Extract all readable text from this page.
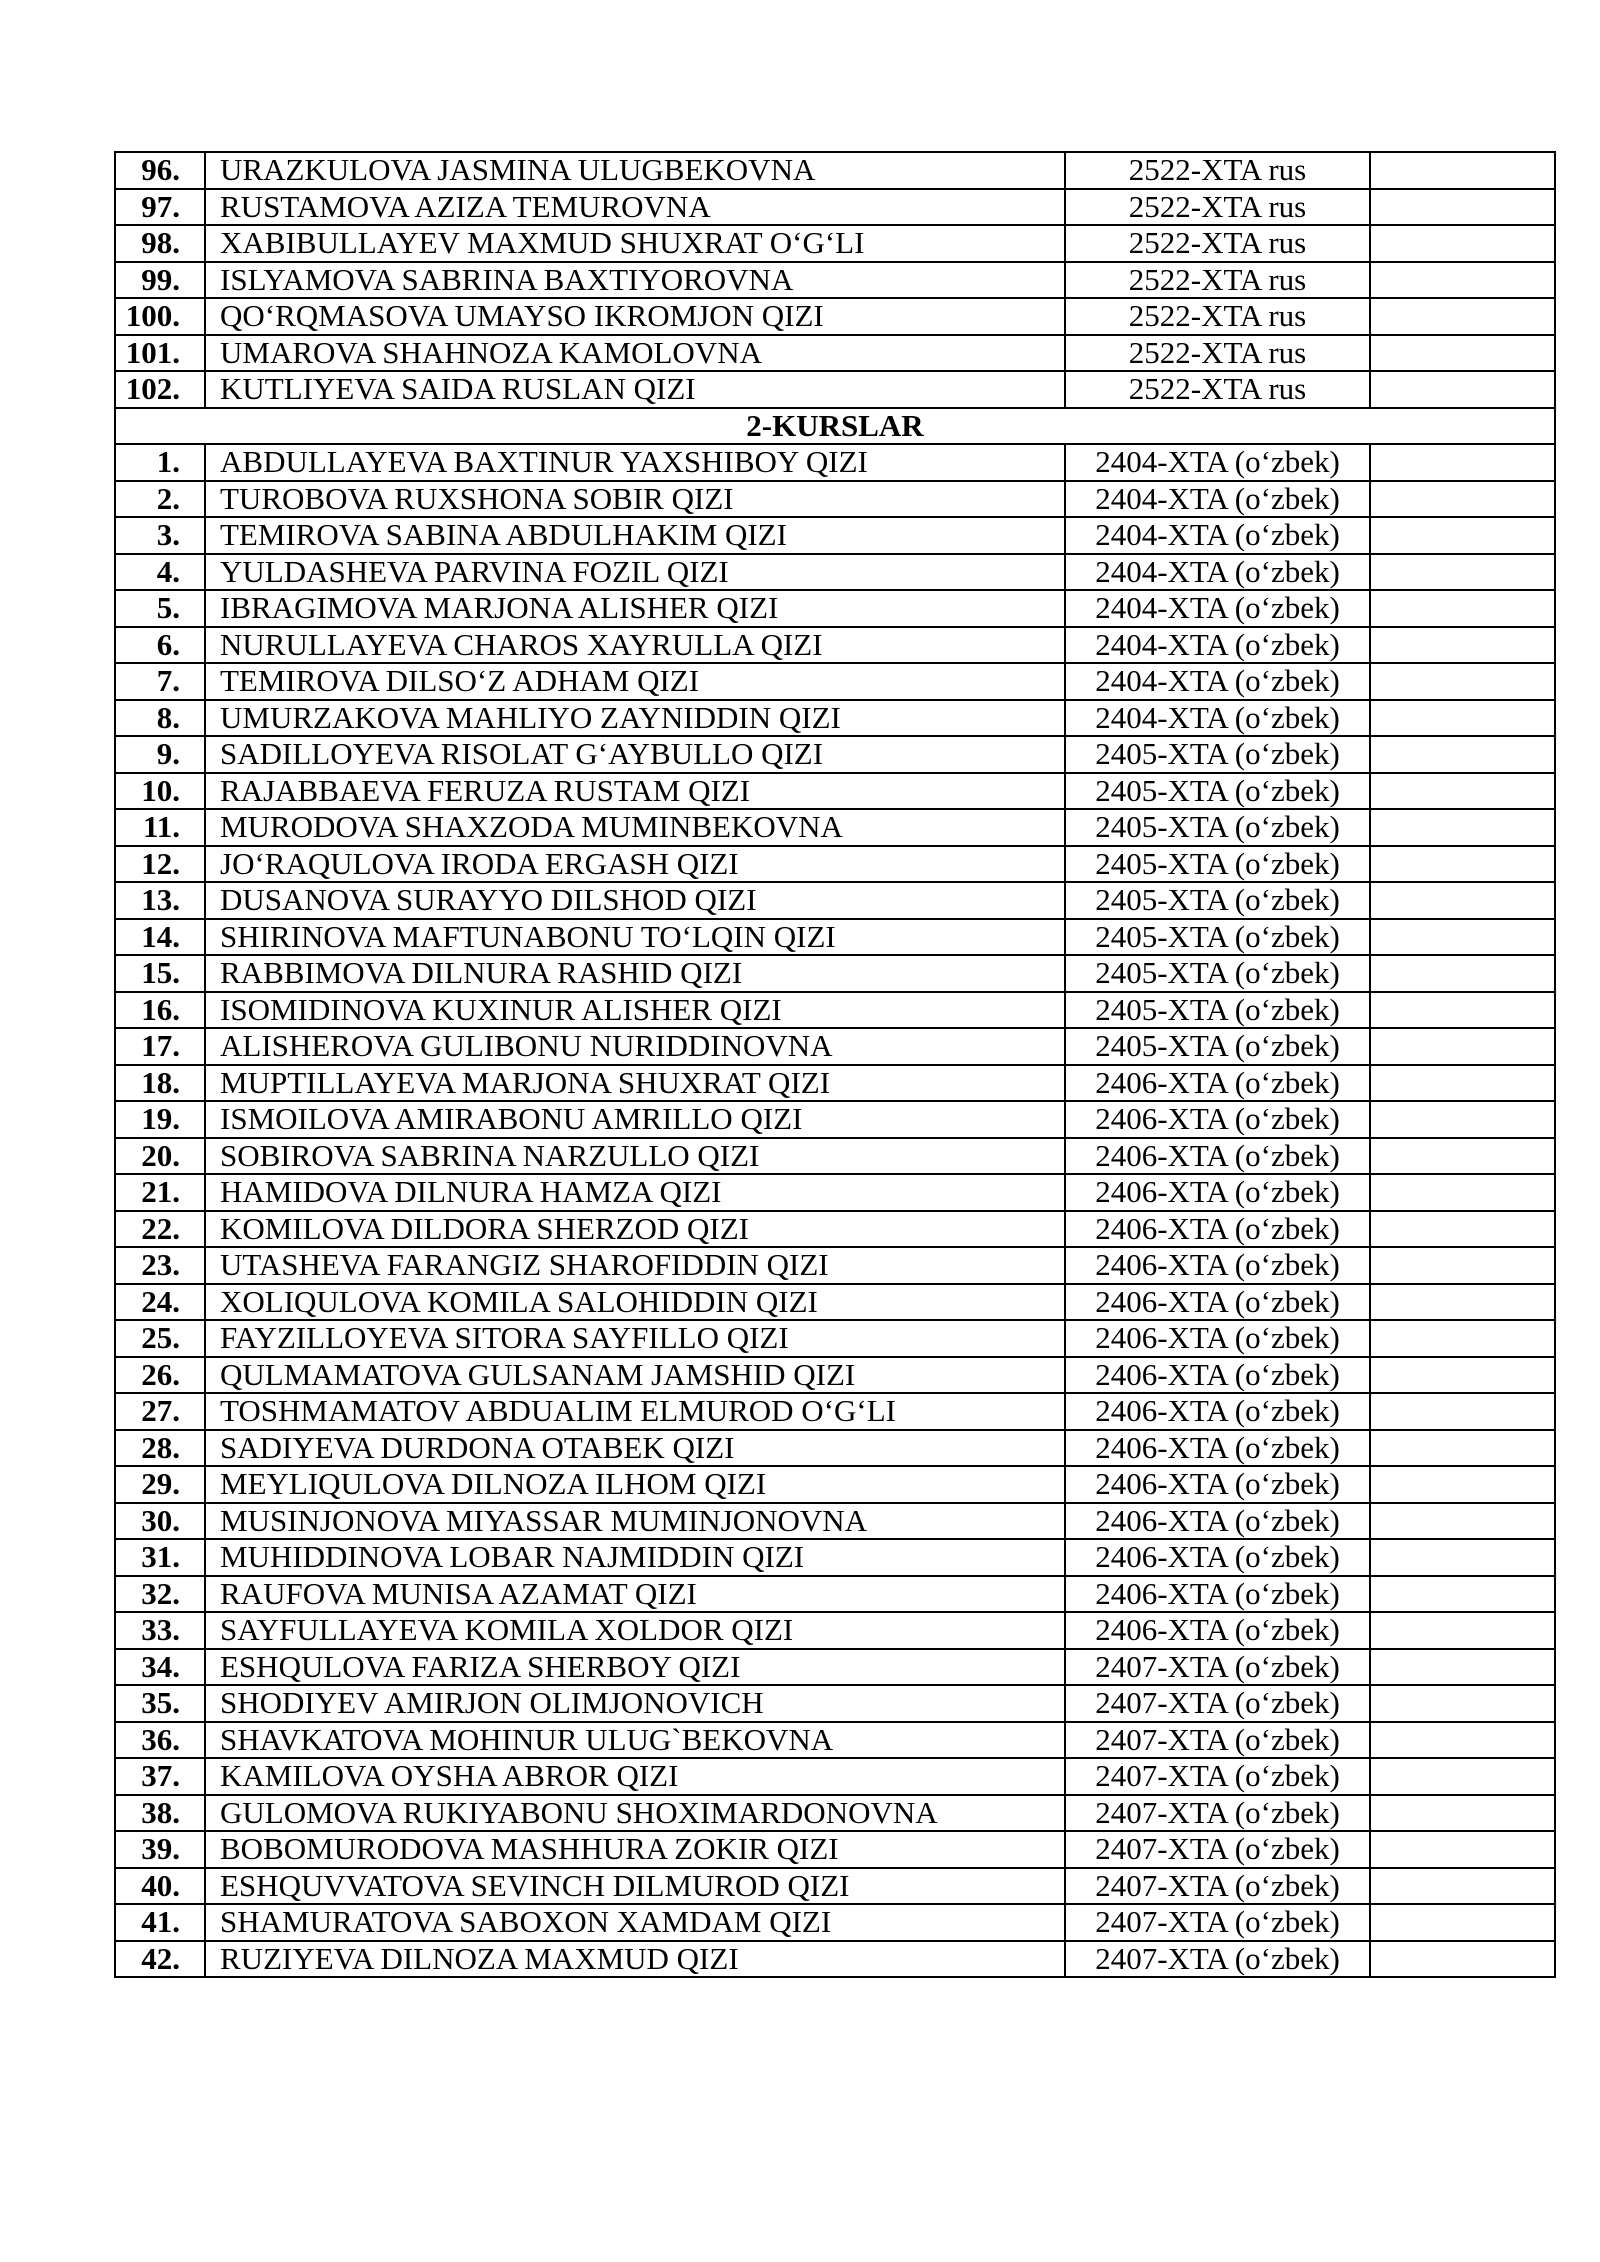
96.	URAZKULOVA JASMINA ULUGBEKOVNA	2522-XTA rus	
97.	RUSTAMOVA AZIZA TEMUROVNA	2522-XTA rus	
98.	XABIBULLAYEV MAXMUD SHUXRAT O‘G‘LI	2522-XTA rus	
99.	ISLYAMOVA SABRINA BAXTIYOROVNA	2522-XTA rus	
100.	QO‘RQMASOVA UMAYSO IKROMJON QIZI	2522-XTA rus	
101.	UMAROVA SHAHNOZA KAMOLOVNA	2522-XTA rus	
102.	KUTLIYEVA SAIDA RUSLAN QIZI	2522-XTA rus	
2-KURSLAR			
1.	ABDULLAYEVA BAXTINUR YAXSHIBOY QIZI	2404-XTA (o‘zbek)	
2.	TUROBOVA RUXSHONA SOBIR QIZI	2404-XTA (o‘zbek)	
3.	TEMIROVA SABINA ABDULHAKIM QIZI	2404-XTA (o‘zbek)	
4.	YULDASHEVA PARVINA FOZIL QIZI	2404-XTA (o‘zbek)	
5.	IBRAGIMOVA MARJONA ALISHER QIZI	2404-XTA (o‘zbek)	
6.	NURULLAYEVA CHAROS XAYRULLA QIZI	2404-XTA (o‘zbek)	
7.	TEMIROVA DILSO‘Z ADHAM QIZI	2404-XTA (o‘zbek)	
8.	UMURZAKOVA MAHLIYO ZAYNIDDIN QIZI	2404-XTA (o‘zbek)	
9.	SADILLOYEVA RISOLAT G‘AYBULLO QIZI	2405-XTA (o‘zbek)	
10.	RAJABBAEVA FERUZA RUSTAM QIZI	2405-XTA (o‘zbek)	
11.	MURODOVA SHAXZODA MUMINBEKOVNA	2405-XTA (o‘zbek)	
12.	JO‘RAQULOVA IRODA ERGASH QIZI	2405-XTA (o‘zbek)	
13.	DUSANOVA SURAYYO DILSHOD QIZI	2405-XTA (o‘zbek)	
14.	SHIRINOVA MAFTUNABONU TO‘LQIN QIZI	2405-XTA (o‘zbek)	
15.	RABBIMOVA DILNURA RASHID QIZI	2405-XTA (o‘zbek)	
16.	ISOMIDINOVA KUXINUR ALISHER QIZI	2405-XTA (o‘zbek)	
17.	ALISHEROVA GULIBONU NURIDDINOVNA	2405-XTA (o‘zbek)	
18.	MUPTILLAYEVA MARJONA SHUXRAT QIZI	2406-XTA (o‘zbek)	
19.	ISMOILOVA AMIRABONU AMRILLO QIZI	2406-XTA (o‘zbek)	
20.	SOBIROVA SABRINA NARZULLO QIZI	2406-XTA (o‘zbek)	
21.	HAMIDOVA DILNURA HAMZA QIZI	2406-XTA (o‘zbek)	
22.	KOMILOVA DILDORA SHERZOD QIZI	2406-XTA (o‘zbek)	
23.	UTASHEVA FARANGIZ SHAROFIDDIN QIZI	2406-XTA (o‘zbek)	
24.	XOLIQULOVA KOMILA SALOHIDDIN QIZI	2406-XTA (o‘zbek)	
25.	FAYZILLOYEVA SITORA SAYFILLO QIZI	2406-XTA (o‘zbek)	
26.	QULMAMATOVA GULSANAM JAMSHID QIZI	2406-XTA (o‘zbek)	
27.	TOSHMAMATOV ABDUALIM ELMUROD O‘G‘LI	2406-XTA (o‘zbek)	
28.	SADIYEVA DURDONA OTABEK QIZI	2406-XTA (o‘zbek)	
29.	MEYLIQULOVA DILNOZA ILHOM QIZI	2406-XTA (o‘zbek)	
30.	MUSINJONOVA MIYASSAR MUMINJONOVNA	2406-XTA (o‘zbek)	
31.	MUHIDDINOVA LOBAR NAJMIDDIN QIZI	2406-XTA (o‘zbek)	
32.	RAUFOVA MUNISA AZAMAT QIZI	2406-XTA (o‘zbek)	
33.	SAYFULLAYEVA KOMILA XOLDOR QIZI	2406-XTA (o‘zbek)	
34.	ESHQULOVA FARIZA SHERBOY QIZI	2407-XTA (o‘zbek)	
35.	SHODIYEV AMIRJON OLIMJONOVICH	2407-XTA (o‘zbek)	
36.	SHAVKATOVA MOHINUR ULUG`BEKOVNA	2407-XTA (o‘zbek)	
37.	KAMILOVA OYSHA ABROR QIZI	2407-XTA (o‘zbek)	
38.	GULOMOVA RUKIYABONU SHOXIMARDONOVNA	2407-XTA (o‘zbek)	
39.	BOBOMURODOVA MASHHURA ZOKIR QIZI	2407-XTA (o‘zbek)	
40.	ESHQUVVATOVA SEVINCH DILMUROD QIZI	2407-XTA (o‘zbek)	
41.	SHAMURATOVA SABOXON XAMDAM QIZI	2407-XTA (o‘zbek)	
42.	RUZIYEVA DILNOZA MAXMUD QIZI	2407-XTA (o‘zbek)	
